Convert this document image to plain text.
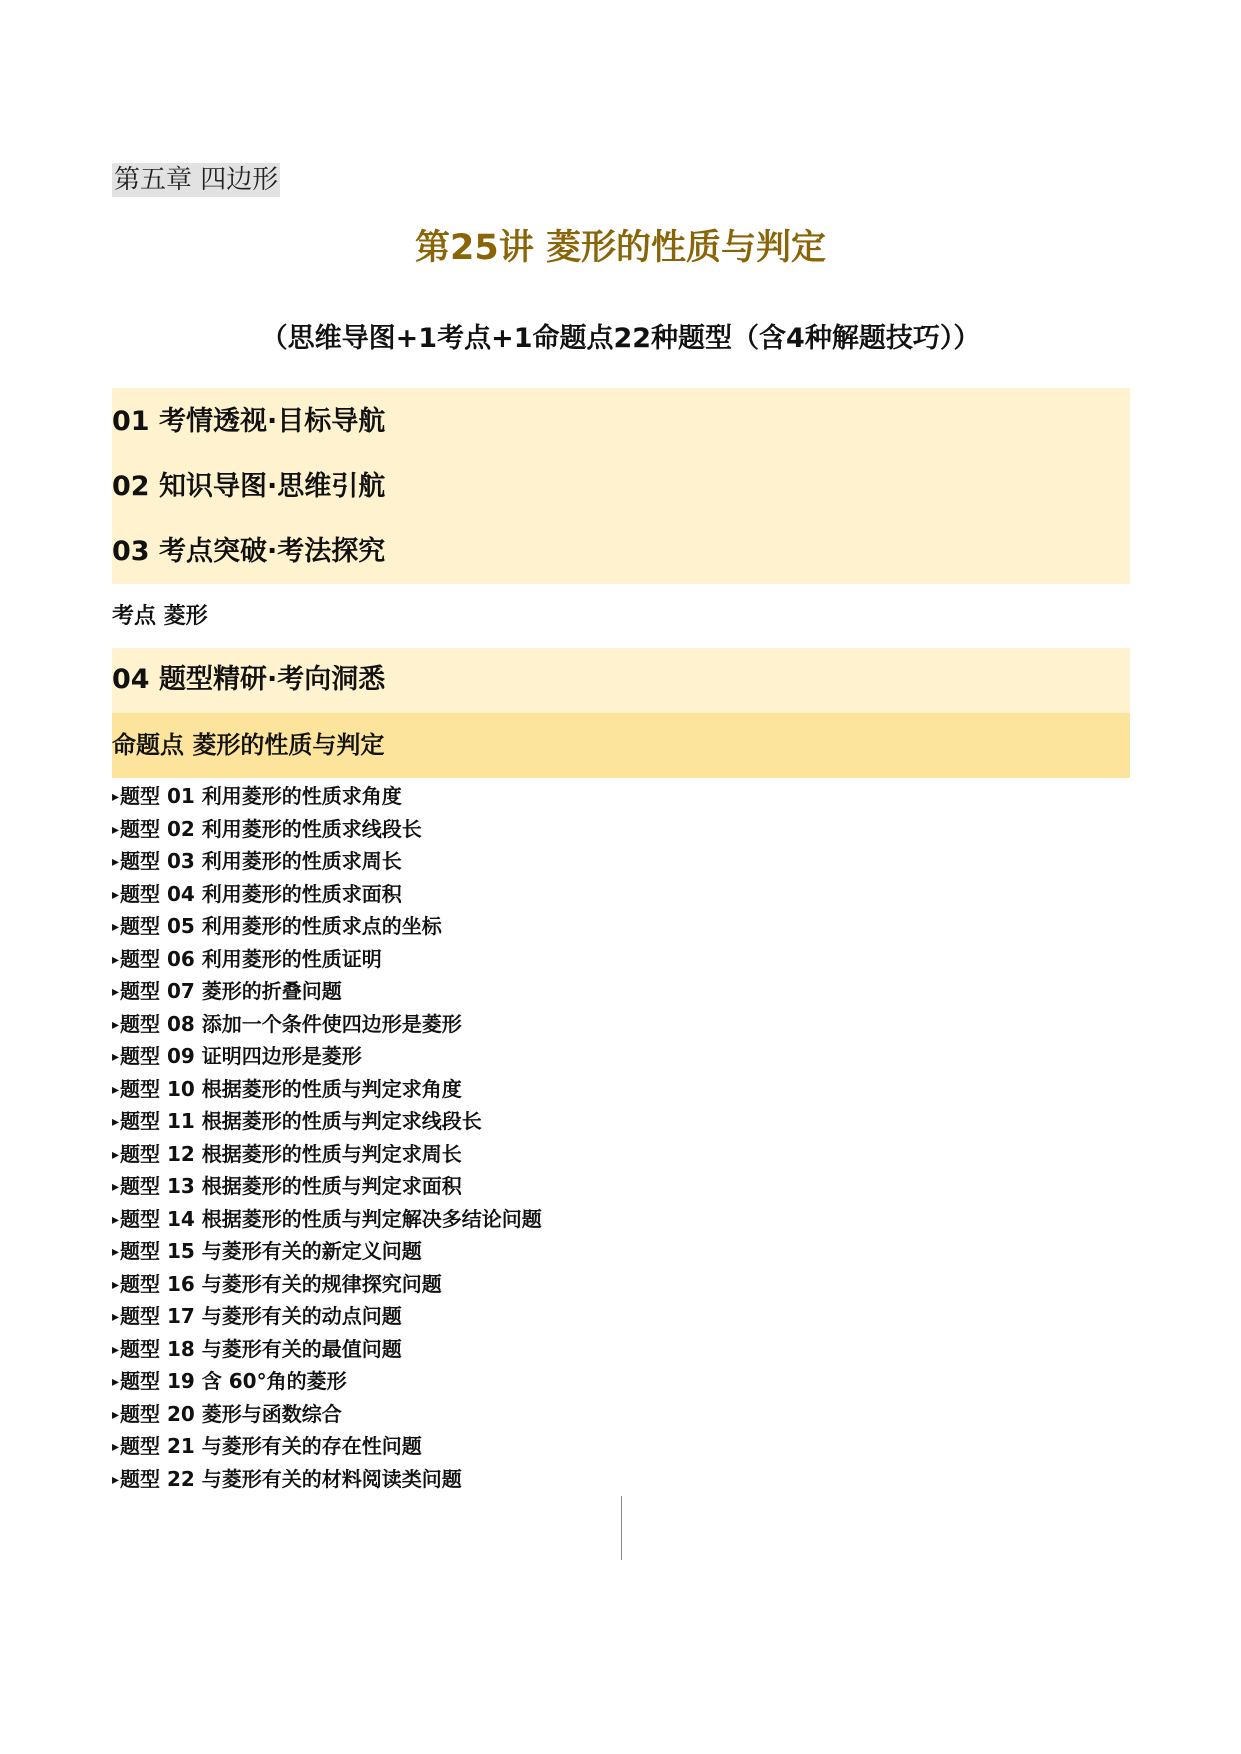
第五章 四边形
第25讲 菱形的性质与判定
（思维导图+1考点+1命题点22种题型（含4种解题技巧））
01 考情透视·目标导航
02 知识导图·思维引航
03 考点突破·考法探究
考点 菱形
04 题型精研·考向洞悉
命题点 菱形的性质与判定
▸题型 01 利用菱形的性质求角度
▸题型 02 利用菱形的性质求线段长
▸题型 03 利用菱形的性质求周长
▸题型 04 利用菱形的性质求面积
▸题型 05 利用菱形的性质求点的坐标
▸题型 06 利用菱形的性质证明
▸题型 07 菱形的折叠问题
▸题型 08 添加一个条件使四边形是菱形
▸题型 09 证明四边形是菱形
▸题型 10 根据菱形的性质与判定求角度
▸题型 11 根据菱形的性质与判定求线段长
▸题型 12 根据菱形的性质与判定求周长
▸题型 13 根据菱形的性质与判定求面积
▸题型 14 根据菱形的性质与判定解决多结论问题
▸题型 15 与菱形有关的新定义问题
▸题型 16 与菱形有关的规律探究问题
▸题型 17 与菱形有关的动点问题
▸题型 18 与菱形有关的最值问题
▸题型 19 含 60°角的菱形
▸题型 20 菱形与函数综合
▸题型 21 与菱形有关的存在性问题
▸题型 22 与菱形有关的材料阅读类问题
